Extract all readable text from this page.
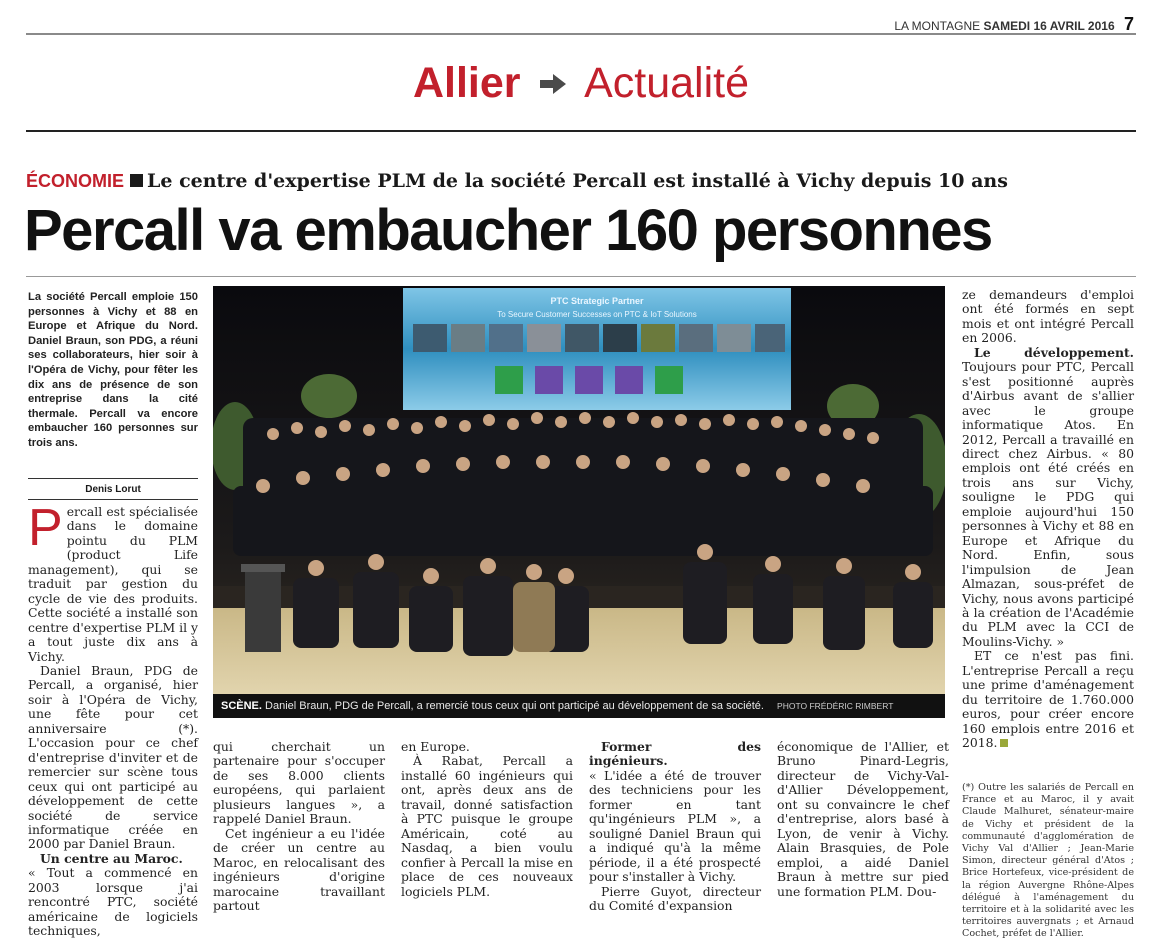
LA MONTAGNE SAMEDI 16 AVRIL 2016 7
Allier Actualité
ÉCONOMIE Le centre d'expertise PLM de la société Percall est installé à Vichy depuis 10 ans
Percall va embaucher 160 personnes
La société Percall emploie 150 personnes à Vichy et 88 en Europe et Afrique du Nord. Daniel Braun, son PDG, a réuni ses collaborateurs, hier soir à l'Opéra de Vichy, pour fêter les dix ans de présence de son entreprise dans la cité thermale. Percall va encore embaucher 160 personnes sur trois ans.
Denis Lorut

Percall est spécialisée dans le domaine pointu du PLM (product Life management), qui se traduit par gestion du cycle de vie des produits. Cette société a installé son centre d'expertise PLM il y a tout juste dix ans à Vichy.

Daniel Braun, PDG de Percall, a organisé, hier soir à l'Opéra de Vichy, une fête pour cet anniversaire (*). L'occasion pour ce chef d'entreprise d'inviter et de remercier sur scène tous ceux qui ont participé au développement de cette société de service informatique créée en 2000 par Daniel Braun.

Un centre au Maroc.

« Tout a commencé en 2003 lorsque j'ai rencontré PTC, société américaine de logiciels techniques,

PTC Strategic Partner
To Secure Customer Successes on PTC & IoT Solutions
SCÈNE. Daniel Braun, PDG de Percall, a remercié tous ceux qui ont participé au développement de sa société. PHOTO FRÉDÉRIC RIMBERT

qui cherchait un partenaire pour s'occuper de ses 8.000 clients européens, qui parlaient plusieurs langues », a rappelé Daniel Braun.

Cet ingénieur a eu l'idée de créer un centre au Maroc, en relocalisant des ingénieurs d'origine marocaine travaillant partout

en Europe.

À Rabat, Percall a installé 60 ingénieurs qui ont, après deux ans de travail, donné satisfaction à PTC puisque le groupe Américain, coté au Nasdaq, a bien voulu confier à Percall la mise en place de ces nouveaux logiciels PLM.

Former des ingénieurs.

« L'idée a été de trouver des techniciens pour les former en tant qu'ingénieurs PLM », a souligné Daniel Braun qui a indiqué qu'à la même période, il a été prospecté pour s'installer à Vichy.

Pierre Guyot, directeur du Comité d'expansion

économique de l'Allier, et Bruno Pinard-Legris, directeur de Vichy-Val-d'Allier Développement, ont su convaincre le chef d'entreprise, alors basé à Lyon, de venir à Vichy. Alain Brasquies, de Pole emploi, a aidé Daniel Braun à mettre sur pied une formation PLM. Dou-

ze demandeurs d'emploi ont été formés en sept mois et ont intégré Percall en 2006.

Le développement. Toujours pour PTC, Percall s'est positionné auprès d'Airbus avant de s'allier avec le groupe informatique Atos. En 2012, Percall a travaillé en direct chez Airbus. « 80 emplois ont été créés en trois ans sur Vichy, souligne le PDG qui emploie aujourd'hui 150 personnes à Vichy et 88 en Europe et Afrique du Nord. Enfin, sous l'impulsion de Jean Almazan, sous-préfet de Vichy, nous avons participé à la création de l'Académie du PLM avec la CCI de Moulins-Vichy. »

ET ce n'est pas fini. L'entreprise Percall a reçu une prime d'aménagement du territoire de 1.760.000 euros, pour créer encore 160 emplois entre 2016 et 2018.

(*) Outre les salariés de Percall en France et au Maroc, il y avait Claude Malhuret, sénateur-maire de Vichy et président de la communauté d'agglomération de Vichy Val d'Allier ; Jean-Marie Simon, directeur général d'Atos ; Brice Hortefeux, vice-président de la région Auvergne Rhône-Alpes délégué à l'aménagement du territoire et à la solidarité avec les territoires auvergnats ; et Arnaud Cochet, préfet de l'Allier.
